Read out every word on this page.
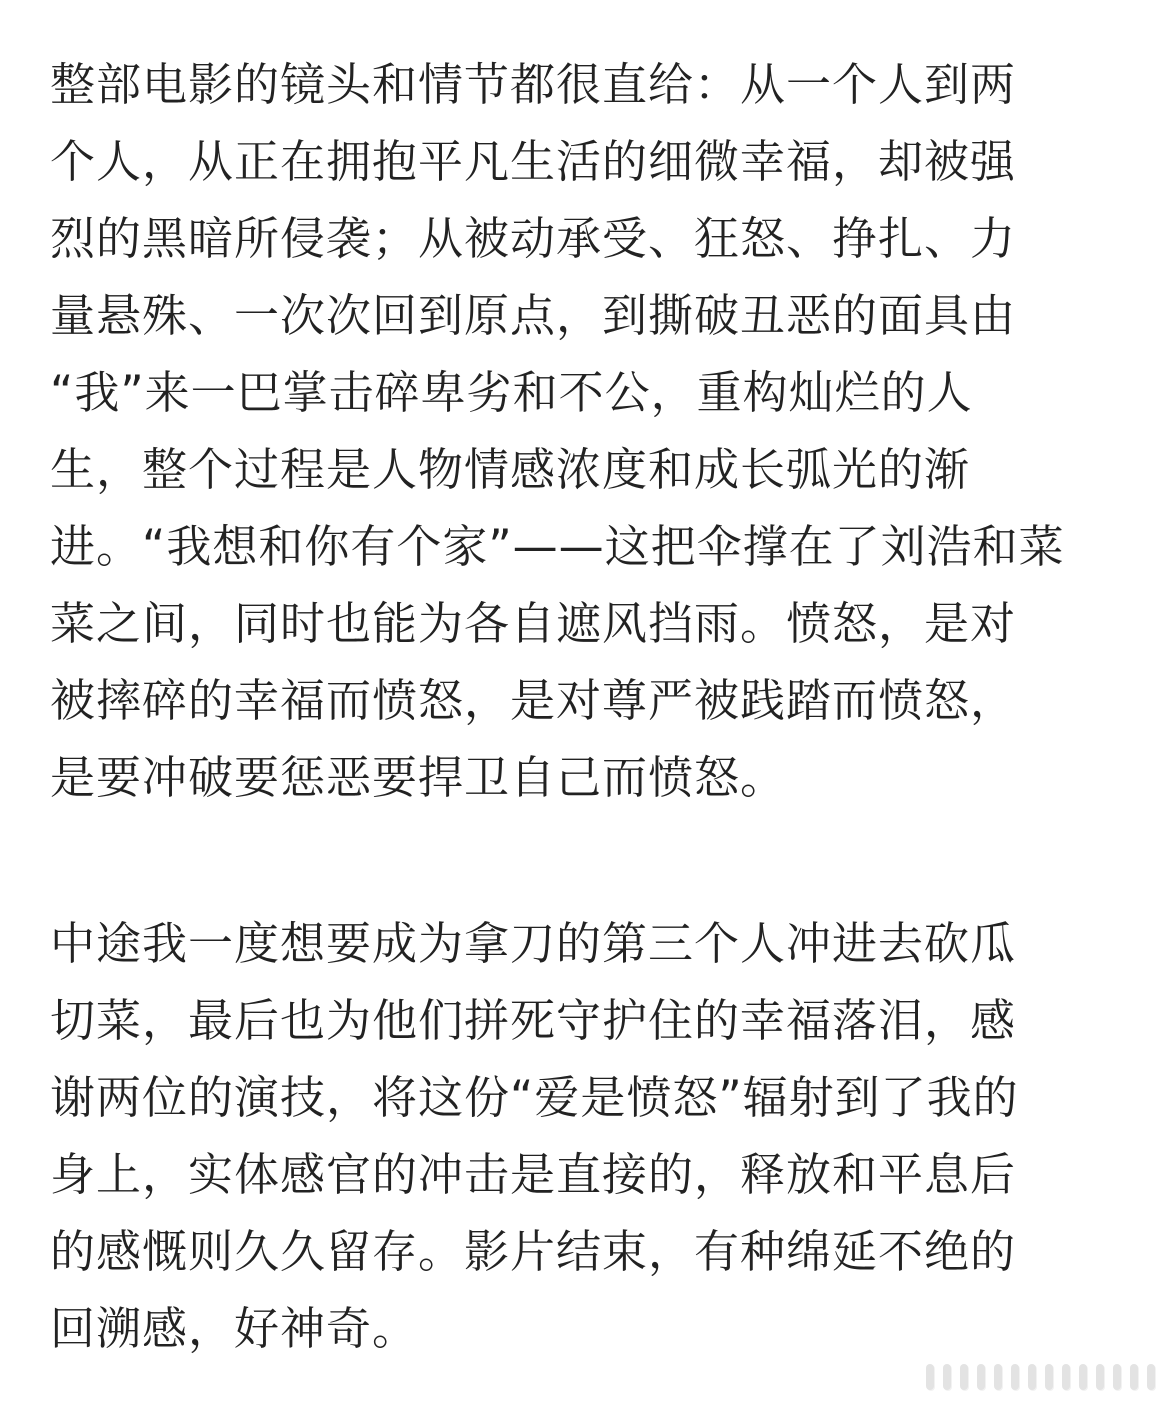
整部电影的镜头和情节都很直给：从一个人到两
个人，从正在拥抱平凡生活的细微幸福，却被强
烈的黑暗所侵袭；从被动承受、狂怒、挣扎、力
量悬殊、一次次回到原点，到撕破丑恶的面具由
“我”来一巴掌击碎卑劣和不公，重构灿烂的人
生，整个过程是人物情感浓度和成长弧光的渐
进。“我想和你有个家”——这把伞撑在了刘浩和菜
菜之间，同时也能为各自遮风挡雨。愤怒，是对
被摔碎的幸福而愤怒，是对尊严被践踏而愤怒，
是要冲破要惩恶要捍卫自己而愤怒。
中途我一度想要成为拿刀的第三个人冲进去砍瓜
切菜，最后也为他们拼死守护住的幸福落泪，感
谢两位的演技，将这份“爱是愤怒”辐射到了我的
身上，实体感官的冲击是直接的，释放和平息后
的感慨则久久留存。影片结束，有种绵延不绝的
回溯感，好神奇。
